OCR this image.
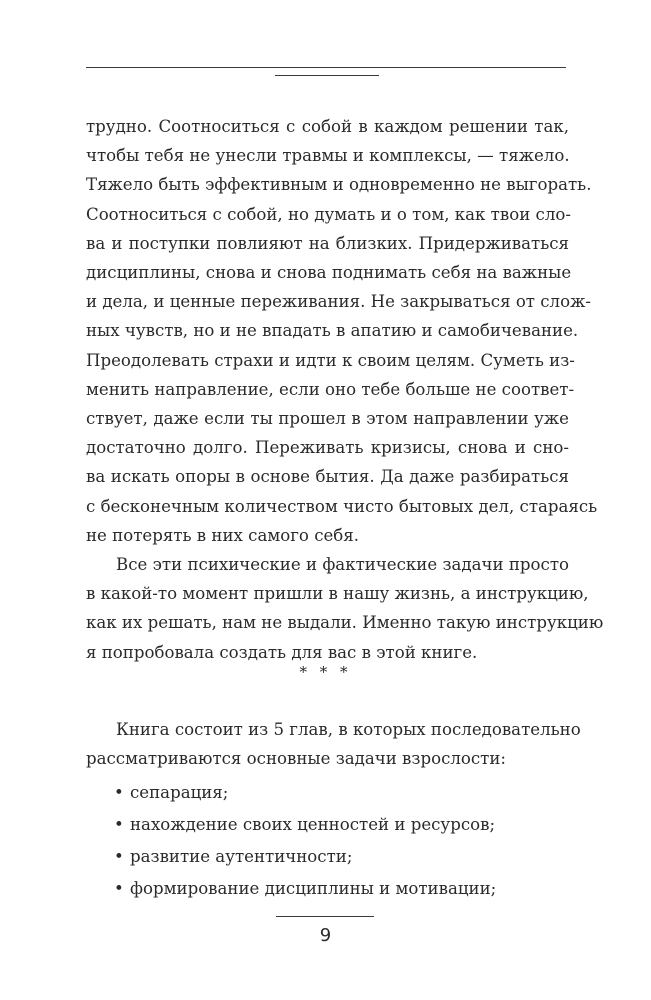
трудно. Соотноситься с собой в каждом решении так,
чтобы тебя не унесли травмы и комплексы, — тяжело.
Тяжело быть эффективным и одновременно не выгорать.
Соотноситься с собой, но думать и о том, как твои сло-
ва и поступки повлияют на близких. Придерживаться
дисциплины, снова и снова поднимать себя на важные
и дела, и ценные переживания. Не закрываться от слож-
ных чувств, но и не впадать в апатию и самобичевание.
Преодолевать страхи и идти к своим целям. Суметь из-
менить направление, если оно тебе больше не соответ-
ствует, даже если ты прошел в этом направлении уже
достаточно долго. Переживать кризисы, снова и сно-
ва искать опоры в основе бытия. Да даже разбираться
с бесконечным количеством чисто бытовых дел, стараясь
не потерять в них самого себя.
Все эти психические и фактические задачи просто
в какой-то момент пришли в нашу жизнь, а инструкцию,
как их решать, нам не выдали. Именно такую инструкцию
я попробовала создать для вас в этой книге.
* * *
Книга состоит из 5 глав, в которых последовательно
рассматриваются основные задачи взрослости:
• сепарация;
• нахождение своих ценностей и ресурсов;
• развитие аутентичности;
• формирование дисциплины и мотивации;
9
